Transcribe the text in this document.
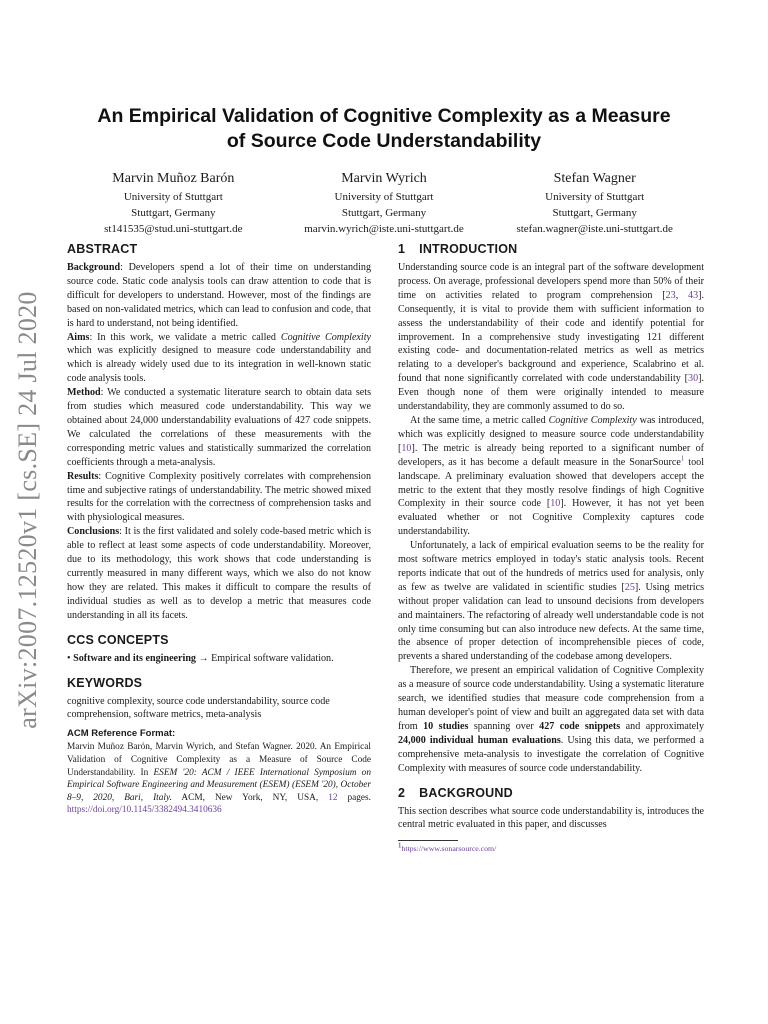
arXiv:2007.12520v1 [cs.SE] 24 Jul 2020
An Empirical Validation of Cognitive Complexity as a Measure
of Source Code Understandability
Marvin Muñoz Barón
University of Stuttgart
Stuttgart, Germany
st141535@stud.uni-stuttgart.de
Marvin Wyrich
University of Stuttgart
Stuttgart, Germany
marvin.wyrich@iste.uni-stuttgart.de
Stefan Wagner
University of Stuttgart
Stuttgart, Germany
stefan.wagner@iste.uni-stuttgart.de
ABSTRACT

Background: Developers spend a lot of their time on understanding source code. Static code analysis tools can draw attention to code that is difficult for developers to understand. However, most of the findings are based on non-validated metrics, which can lead to confusion and code, that is hard to understand, not being identified.

Aims: In this work, we validate a metric called Cognitive Complexity which was explicitly designed to measure code understandability and which is already widely used due to its integration in well-known static code analysis tools.

Method: We conducted a systematic literature search to obtain data sets from studies which measured code understandability. This way we obtained about 24,000 understandability evaluations of 427 code snippets. We calculated the correlations of these measurements with the corresponding metric values and statistically summarized the correlation coefficients through a meta-analysis.

Results: Cognitive Complexity positively correlates with comprehension time and subjective ratings of understandability. The metric showed mixed results for the correlation with the correctness of comprehension tasks and with physiological measures.

Conclusions: It is the first validated and solely code-based metric which is able to reflect at least some aspects of code understandability. Moreover, due to its methodology, this work shows that code understanding is currently measured in many different ways, which we also do not know how they are related. This makes it difficult to compare the results of individual studies as well as to develop a metric that measures code understanding in all its facets.

CCS CONCEPTS
• Software and its engineering → Empirical software validation.
KEYWORDS

cognitive complexity, source code understandability, source code comprehension, software metrics, meta-analysis

ACM Reference Format:
Marvin Muñoz Barón, Marvin Wyrich, and Stefan Wagner. 2020. An Empirical Validation of Cognitive Complexity as a Measure of Source Code Understandability. In ESEM '20: ACM / IEEE International Symposium on Empirical Software Engineering and Measurement (ESEM) (ESEM '20), October 8–9, 2020, Bari, Italy. ACM, New York, NY, USA, 12 pages. https://doi.org/10.1145/3382494.3410636
1 INTRODUCTION

Understanding source code is an integral part of the software development process. On average, professional developers spend more than 50% of their time on activities related to program comprehension [23, 43]. Consequently, it is vital to provide them with sufficient information to assess the understandability of their code and identify potential for improvement. In a comprehensive study investigating 121 different existing code- and documentation-related metrics as well as metrics relating to a developer's background and experience, Scalabrino et al. found that none significantly correlated with code understandability [30]. Even though none of them were originally intended to measure understandability, they are commonly assumed to do so.

At the same time, a metric called Cognitive Complexity was introduced, which was explicitly designed to measure source code understandability [10]. The metric is already being reported to a significant number of developers, as it has become a default measure in the SonarSource$^1$ tool landscape. A preliminary evaluation showed that developers accept the metric to the extent that they mostly resolve findings of high Cognitive Complexity in their source code [10]. However, it has not yet been evaluated whether or not Cognitive Complexity captures code understandability.

Unfortunately, a lack of empirical evaluation seems to be the reality for most software metrics employed in today's static analysis tools. Recent reports indicate that out of the hundreds of metrics used for analysis, only as few as twelve are validated in scientific studies [25]. Using metrics without proper validation can lead to unsound decisions from developers and maintainers. The refactoring of already well understandable code is not only time consuming but can also introduce new defects. At the same time, the absence of proper detection of incomprehensible pieces of code, prevents a shared understanding of the codebase among developers.

Therefore, we present an empirical validation of Cognitive Complexity as a measure of source code understandability. Using a systematic literature search, we identified studies that measure code comprehension from a human developer's point of view and built an aggregated data set with data from 10 studies spanning over 427 code snippets and approximately 24,000 individual human evaluations. Using this data, we performed a comprehensive meta-analysis to investigate the correlation of Cognitive Complexity with measures of source code understandability.

2 BACKGROUND

This section describes what source code understandability is, introduces the central metric evaluated in this paper, and discusses

$^1$https://www.sonarsource.com/
